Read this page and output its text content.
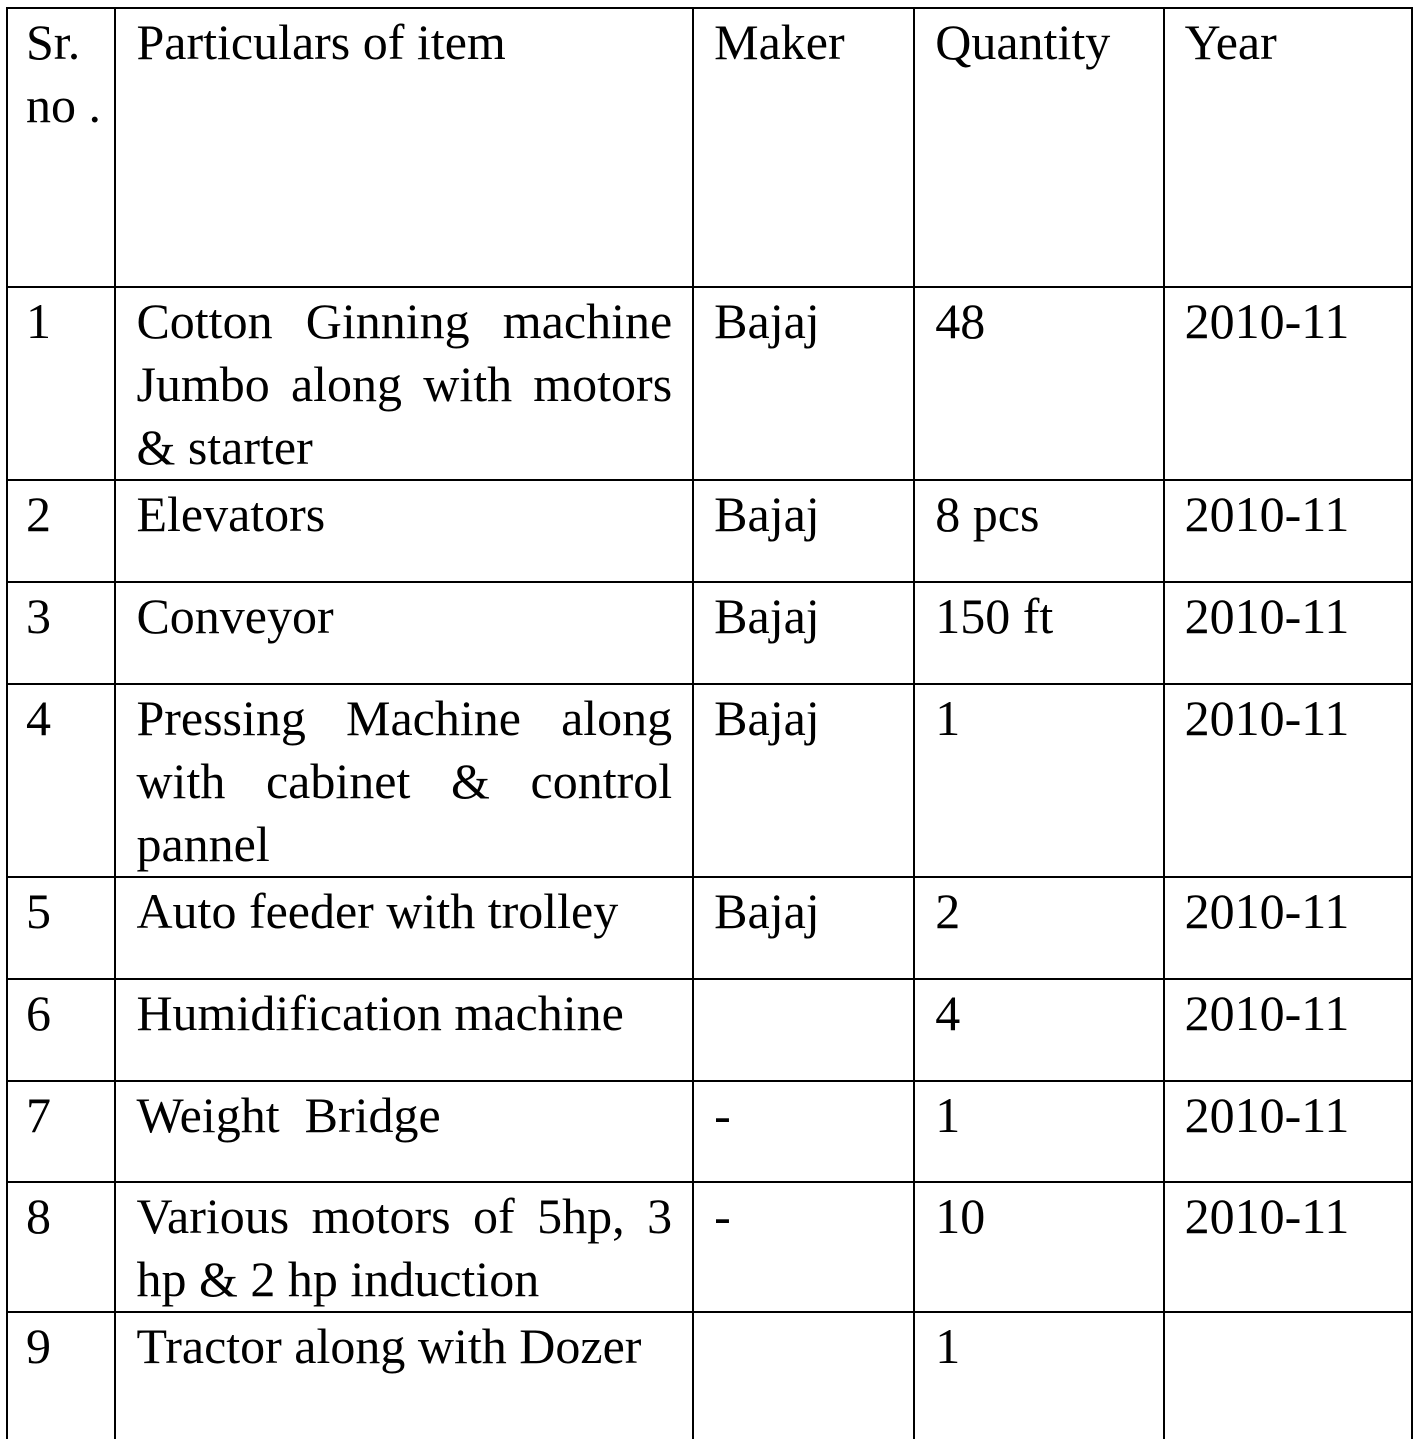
Sr. no .	Particulars of item	Maker	Quantity	Year
1	Cotton Ginning machine Jumbo along with motors & starter	Bajaj	48	2010-11
2	Elevators	Bajaj	8 pcs	2010-11
3	Conveyor	Bajaj	150 ft	2010-11
4	Pressing Machine along with cabinet & control pannel	Bajaj	1	2010-11
5	Auto feeder with trolley	Bajaj	2	2010-11
6	Humidification machine		4	2010-11
7	Weight  Bridge	-	1	2010-11
8	Various motors of 5hp, 3 hp & 2 hp induction	-	10	2010-11
9	Tractor along with Dozer		1	
